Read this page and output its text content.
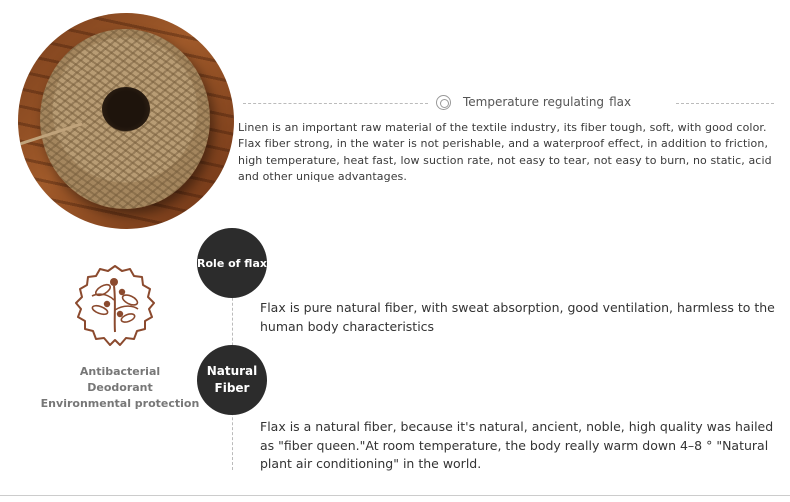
Temperature regulating flax
Linen is an important raw material of the textile industry, its fiber tough, soft, with good color. Flax fiber strong, in the water is not perishable, and a waterproof effect, in addition to friction, high temperature, heat fast, low suction rate, not easy to tear, not easy to burn, no static, acid and other unique advantages.
Role of flax
Flax is pure natural fiber, with sweat absorption, good ventilation, harmless to the human body characteristics
Natural
Fiber
Flax is a natural fiber, because it's natural, ancient, noble, high quality was hailed as "fiber queen."At room temperature, the body really warm down 4–8 ° "Natural plant air conditioning" in the world.
Antibacterial
Deodorant
Environmental protection
